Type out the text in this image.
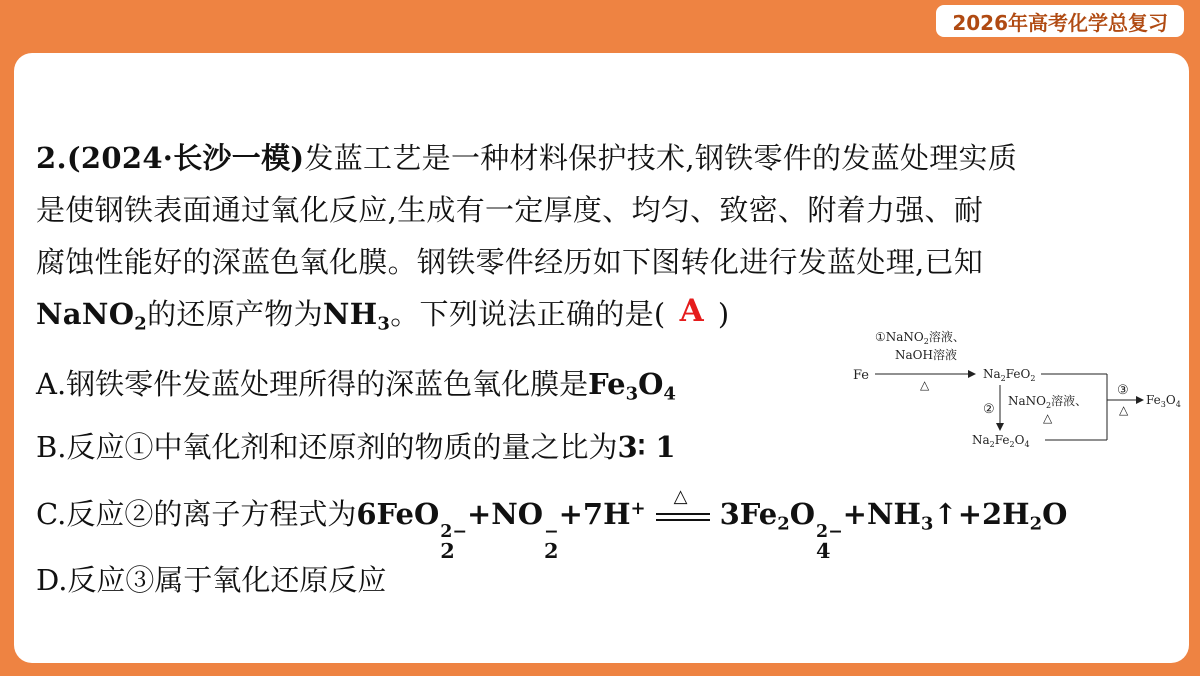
2026年高考化学总复习

2.(2024·长沙一模)发蓝工艺是一种材料保护技术,钢铁零件的发蓝处理实质

是使钢铁表面通过氧化反应,生成有一定厚度、均匀、致密、附着力强、耐

腐蚀性能好的深蓝色氧化膜。钢铁零件经历如下图转化进行发蓝处理,已知

NaNO$_2$的还原产物为$NH_3$。下列说法正确的是( A )

A.钢铁零件发蓝处理所得的深蓝色氧化膜是$Fe_3O_4$
B.反应①中氧化剂和还原剂的物质的量之比为3∶ 1
C.反应②的离子方程式为6FeO
2−
2
+NO
−
2
+7H+
△
$3Fe_2O$
2−
4
$+NH_3↑+2H_2O$
D.反应③属于氧化还原反应
Fe
①NaNO$_2$溶液、
NaOH溶液
△
$Na_2FeO_2$
③
△
$Fe_3O_4$
②
NaNO$_2$溶液、
△
$Na_2Fe_2O_4$
